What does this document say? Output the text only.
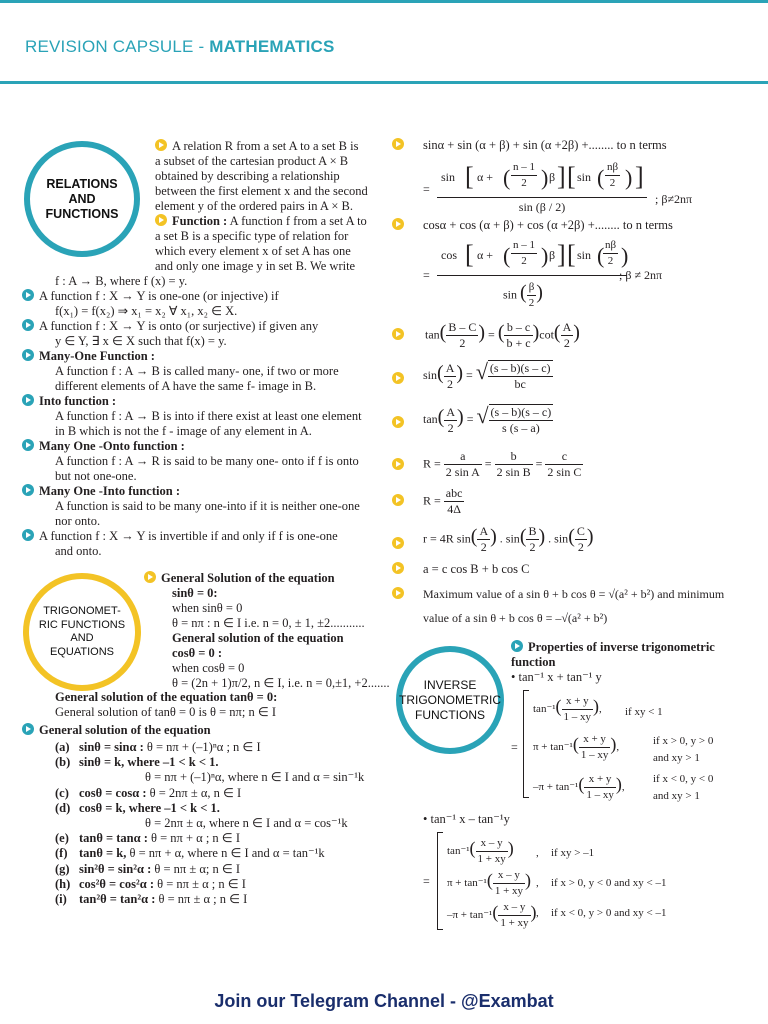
REVISION CAPSULE - MATHEMATICS
RELATIONS
AND
FUNCTIONS
TRIGONOMET-
RIC FUNCTIONS
AND
EQUATIONS
INVERSE
TRIGONOMETRIC
FUNCTIONS
A relation R from a set A to a set B is
a subset of the cartesian product A × B
obtained by describing a relationship
between the first element x and the second
element y of the ordered pairs in A × B.
Function : A function f from a set A to
a set B is a specific type of relation for
which every element x of set A has one
and only one image y in set B. We write
f : A → B, where f (x) = y.
A function f : X → Y is one-one (or injective) if
f(x₁) = f(x₂) ⇒ x₁ = x₂ ∀ x₁, x₂ ∈ X.
A function f : X → Y is onto (or surjective) if given any
y ∈ Y, ∃ x ∈ X such that f(x) = y.
Many-One Function :
A function f : A → B is called many- one, if two or more
different elements of A have the same f- image in B.
Into function :
A function f : A → B is into if there exist at least one element
in B which is not the f - image of any element in A.
Many One -Onto function :
A function f : A → R is said to be many one- onto if f is onto
but not one-one.
Many One -Into function :
A function is said to be many one-into if it is neither one-one
nor onto.
A function f : X → Y is invertible if and only if f is one-one
and onto.
General Solution of the equation
sinθ = 0:
when sinθ = 0
θ = nπ : n ∈ I i.e. n = 0, ± 1, ±2...........
General solution of the equation
cosθ = 0 :
when cosθ = 0
θ = (2n + 1)π/2, n ∈ I, i.e. n = 0,±1, +2.......
General solution of the equation tanθ = 0:
General solution of tanθ = 0 is θ = nπ; n ∈ I
General solution of the equation
(a) sinθ = sinα : θ = nπ + (–1)ⁿα ; n ∈ I
(b) sinθ = k, where –1 < k < 1.
θ = nπ + (–1)ⁿα, where n ∈ I and α = sin⁻¹k
(c) cosθ = cosα : θ = 2nπ ± α, n ∈ I
(d) cosθ = k, where –1 < k < 1.
θ = 2nπ ± α, where n ∈ I and α = cos⁻¹k
(e) tanθ = tanα : θ = nπ + α ; n ∈ I
(f) tanθ = k, θ = nπ + α, where n ∈ I and α = tan⁻¹k
(g) sin²θ = sin²α : θ = nπ ± α; n ∈ I
(h) cos²θ = cos²α : θ = nπ ± α ; n ∈ I
(i) tan²θ = tan²α : θ = nπ ± α ; n ∈ I
sinα + sin (α + β) + sin (α +2β) +........ to n terms
=
sin [ α + ( $\frac{n - 1}{2}$ ) β ] [ sin ( $\frac{n\beta}{2}$ ) ]
sin (β / 2)
; β≠2nπ
cosα + cos (α + β) + cos (α +2β) +........ to n terms
=
cos [ α + ( $\frac{n - 1}{2}$ ) β ] [ sin (
$\frac{n\beta}{2}$ )
sin ( $\frac{\beta}{2}$ )
; β ≠ 2nπ
$\tan( \frac{B - C}{2}$ ) = ( $\frac{b - c}{b + c} )\cot( \frac{A}{2}$ )
$\sin( \frac{A}{2}$ ) = √ $\frac{(s - b)(s - c)}{bc}$
$\tan( \frac{A}{2}$ ) = √ $\frac{(s - b)(s - c)}{s (s - a)}$
$R = \frac{a}{\text{2 sin A}} = \frac{b}{\text{2 sin B}} = \frac{c}{\text{2 sin C}}$
$R = \frac{\text{abc}}{4\Delta}$
r = 4R $\sin( \frac{A}{2}$ ) . $\sin( \frac{B}{2}$ ) . $\sin( \frac{C}{2}$ )
a = c cos B + b cos C
Maximum value of a sin θ + b cos θ = √(a² + b²) and minimum
value of a sin θ + b cos θ = –√(a² + b²)
Properties of inverse trigonometric
function
• tan⁻¹ x + tan⁻¹ y
=
$\tan^{-1}( \frac{x + y}{1 - xy}$ ), if xy < 1
$\pi + \tan^{-1}( \frac{x + y}{1 - xy}$ ),
if x > 0, y > 0
and xy > 1
$-\pi + \tan^{-1}( \frac{x + y}{1 - xy}$ ),
if x < 0, y < 0
and xy > 1
• tan⁻¹ x – tan⁻¹y
=
$\tan^{-1}( \frac{x - y}{1 + xy}$ ) , if xy > –1
$\pi + \tan^{-1}( \frac{x - y}{1 + xy}$ ) , if x > 0, y < 0 and xy < –1
$-\pi + \tan^{-1}( \frac{x - y}{1 + xy}$ ) , if x < 0, y > 0 and xy < –1
Join our Telegram Channel - @Exambat
